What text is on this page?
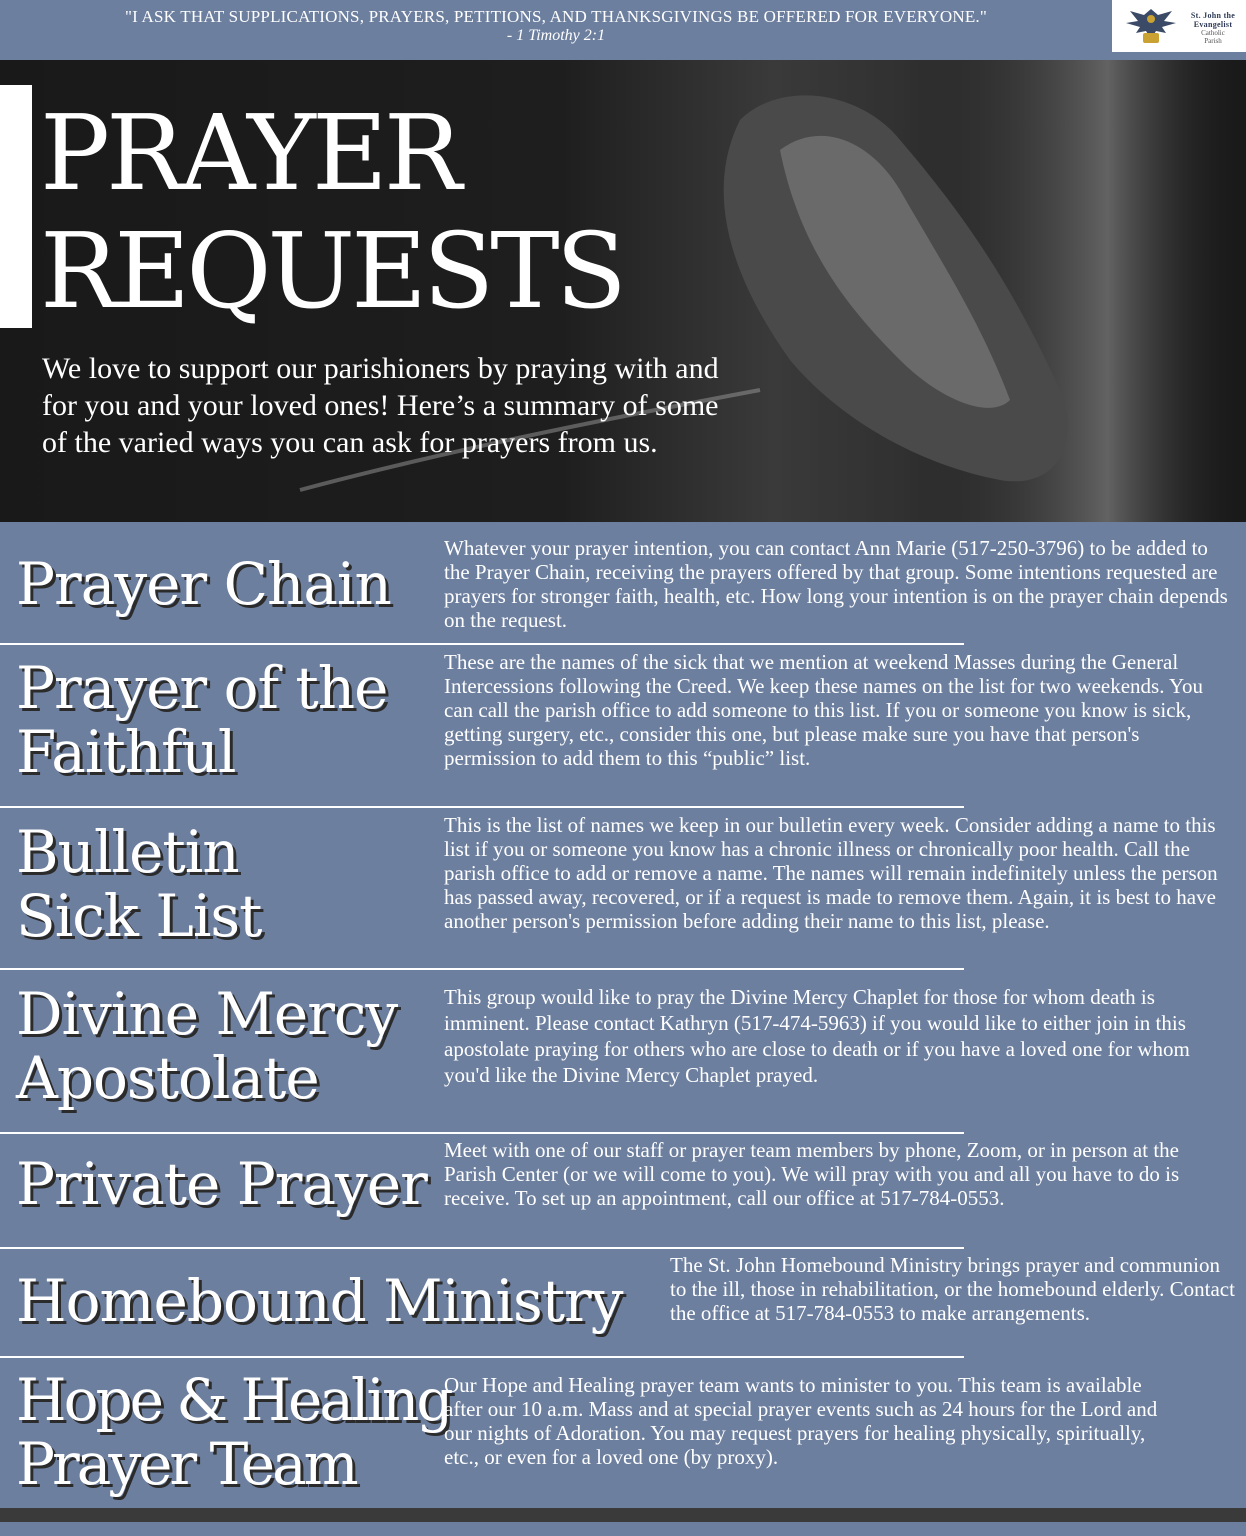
"I ASK THAT SUPPLICATIONS, PRAYERS, PETITIONS, AND THANKSGIVINGS BE OFFERED FOR EVERYONE."
- 1 Timothy 2:1
St. John the
Evangelist
Catholic
Parish
PRAYER
REQUESTS
We love to support our parishioners by praying with and for you and your loved ones! Here’s a summary of some of the varied ways you can ask for prayers from us.
Prayer Chain
Whatever your prayer intention, you can contact Ann Marie (517-250-3796) to be added to the Prayer Chain, receiving the prayers offered by that group. Some intentions requested are prayers for stronger faith, health, etc. How long your intention is on the prayer chain depends on the request.
Prayer of the
Faithful
These are the names of the sick that we mention at weekend Masses during the General Intercessions following the Creed. We keep these names on the list for two weekends. You can call the parish office to add someone to this list. If you or someone you know is sick, getting surgery, etc., consider this one, but please make sure you have that person's permission to add them to this “public” list.
Bulletin
Sick List
This is the list of names we keep in our bulletin every week. Consider adding a name to this list if you or someone you know has a chronic illness or chronically poor health. Call the parish office to add or remove a name. The names will remain indefinitely unless the person has passed away, recovered, or if a request is made to remove them. Again, it is best to have another person's permission before adding their name to this list, please.
Divine Mercy
Apostolate
This group would like to pray the Divine Mercy Chaplet for those for whom death is imminent. Please contact Kathryn (517-474-5963) if you would like to either join in this apostolate praying for others who are close to death or if you have a loved one for whom you'd like the Divine Mercy Chaplet prayed.
Private Prayer Meet with one of our staff or prayer team members by phone, Zoom, or in person at the Parish Center (or we will come to you). We will pray with you and all you have to do is receive. To set up an appointment, call our office at 517-784-0553.
Homebound Ministry
The St. John Homebound Ministry brings prayer and communion to the ill, those in rehabilitation, or the homebound elderly. Contact the office at 517-784-0553 to make arrangements.
Hope & Healing
Prayer Team
Our Hope and Healing prayer team wants to minister to you. This team is available after our 10 a.m. Mass and at special prayer events such as 24 hours for the Lord and our nights of Adoration. You may request prayers for healing physically, spiritually, etc., or even for a loved one (by proxy).
